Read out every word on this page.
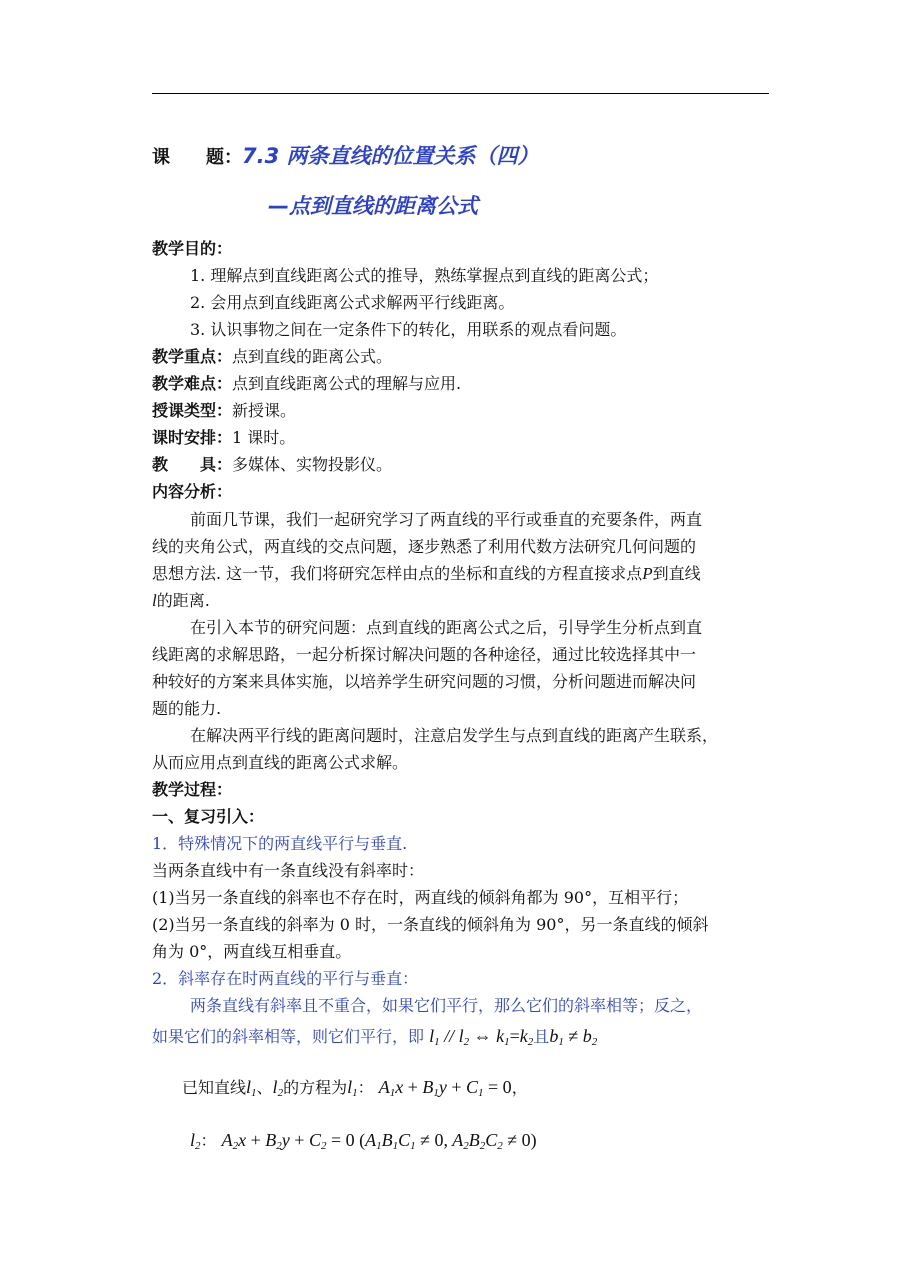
课　　题：7.3 两条直线的位置关系（四）
—点到直线的距离公式
教学目的：
1. 理解点到直线距离公式的推导，熟练掌握点到直线的距离公式；
2. 会用点到直线距离公式求解两平行线距离。
3. 认识事物之间在一定条件下的转化，用联系的观点看问题。
教学重点：点到直线的距离公式。
教学难点：点到直线距离公式的理解与应用.
授课类型：新授课。
课时安排：1 课时。
教　　具：多媒体、实物投影仪。
内容分析：
前面几节课，我们一起研究学习了两直线的平行或垂直的充要条件，两直
线的夹角公式，两直线的交点问题，逐步熟悉了利用代数方法研究几何问题的
思想方法. 这一节，我们将研究怎样由点的坐标和直线的方程直接求点P到直线
l的距离.
在引入本节的研究问题：点到直线的距离公式之后，引导学生分析点到直
线距离的求解思路，一起分析探讨解决问题的各种途径，通过比较选择其中一
种较好的方案来具体实施，以培养学生研究问题的习惯，分析问题进而解决问
题的能力.
在解决两平行线的距离问题时，注意启发学生与点到直线的距离产生联系，
从而应用点到直线的距离公式求解。
教学过程：
一、复习引入：
1．特殊情况下的两直线平行与垂直.
当两条直线中有一条直线没有斜率时：
(1)当另一条直线的斜率也不存在时，两直线的倾斜角都为 90°，互相平行；
(2)当另一条直线的斜率为 0 时，一条直线的倾斜角为 90°，另一条直线的倾斜
角为 0°，两直线互相垂直。
2．斜率存在时两直线的平行与垂直：
两条直线有斜率且不重合，如果它们平行，那么它们的斜率相等；反之，
如果它们的斜率相等，则它们平行，即 $l_1 // l_2$ ⇔ $k_1=k_2$且$b_1 \ne b_2$
已知直线$l_1$、$l_2$的方程为$l_1$： $A_1x + B_1y + C_1 = 0$，
$l_2$： $A_2x + B_2y + C_2 = 0$ ($A_1B_1C_1 \ne 0$, $A_2B_2C_2 \ne 0$)
